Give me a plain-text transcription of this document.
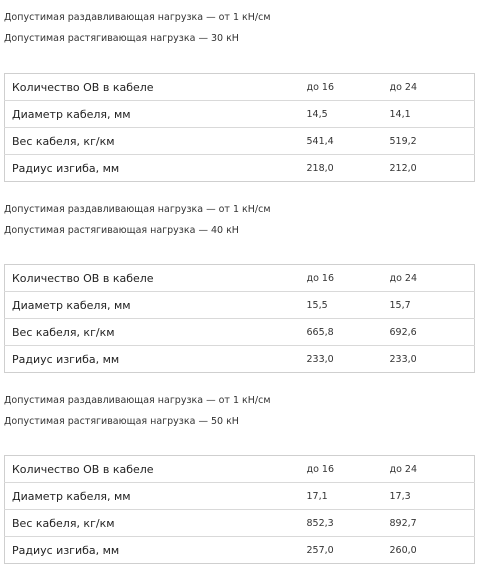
Допустимая раздавливающая нагрузка — от 1 кН/см
Допустимая растягивающая нагрузка — 30 кН
Количество ОВ в кабеле	до 16	до 24
Диаметр кабеля, мм	14,5	14,1
Вес кабеля, кг/км	541,4	519,2
Радиус изгиба, мм	218,0	212,0
Допустимая раздавливающая нагрузка — от 1 кН/см
Допустимая растягивающая нагрузка — 40 кН
Количество ОВ в кабеле	до 16	до 24
Диаметр кабеля, мм	15,5	15,7
Вес кабеля, кг/км	665,8	692,6
Радиус изгиба, мм	233,0	233,0
Допустимая раздавливающая нагрузка — от 1 кН/см
Допустимая растягивающая нагрузка — 50 кН
Количество ОВ в кабеле	до 16	до 24
Диаметр кабеля, мм	17,1	17,3
Вес кабеля, кг/км	852,3	892,7
Радиус изгиба, мм	257,0	260,0
